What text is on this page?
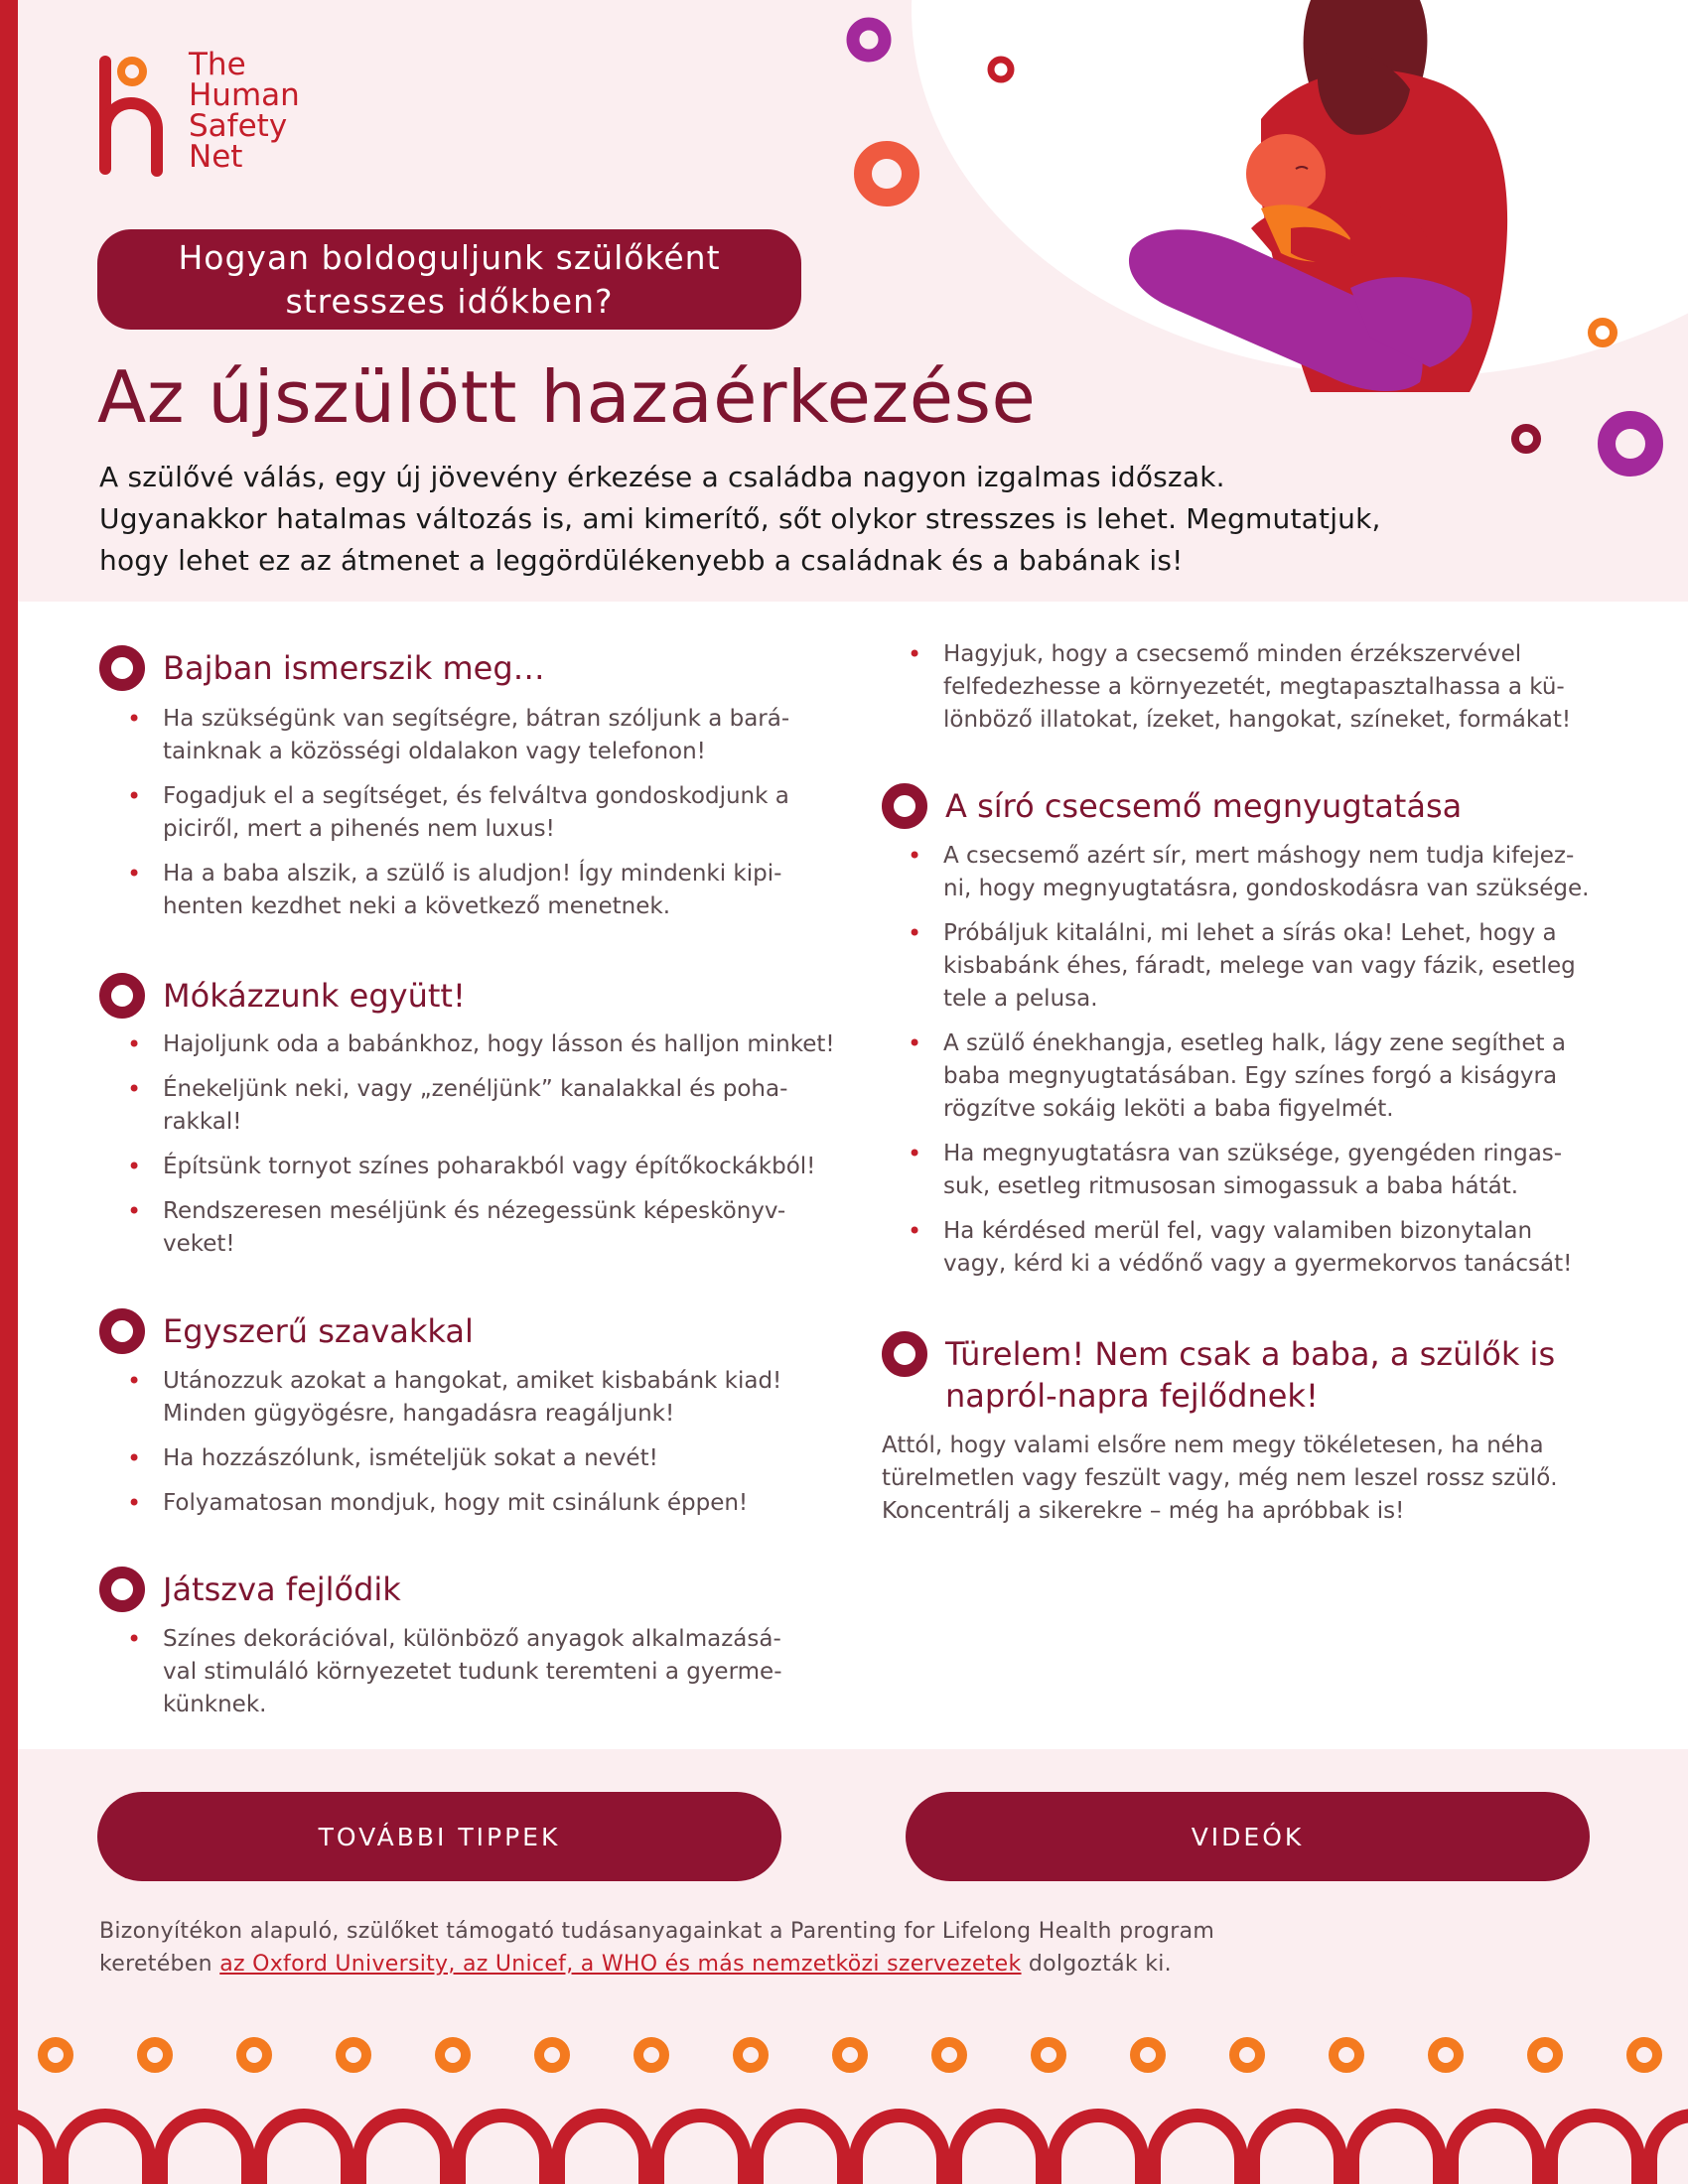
The
Human
Safety
Net
Hogyan boldoguljunk szülőként
stresszes időkben?
Az újszülött hazaérkezése
A szülővé válás, egy új jövevény érkezése a családba nagyon izgalmas időszak.
Ugyanakkor hatalmas változás is, ami kimerítő, sőt olykor stresszes is lehet. Megmutatjuk,
hogy lehet ez az átmenet a leggördülékenyebb a családnak és a babának is!
Bajban ismerszik meg…
• Ha szükségünk van segítségre, bátran szóljunk a bará-
tainknak a közösségi oldalakon vagy telefonon!
• Fogadjuk el a segítséget, és felváltva gondoskodjunk a
piciről, mert a pihenés nem luxus!
• Ha a baba alszik, a szülő is aludjon! Így mindenki kipi-
henten kezdhet neki a következő menetnek.
Mókázzunk együtt!
• Hajoljunk oda a babánkhoz, hogy lásson és halljon minket!
• Énekeljünk neki, vagy „zenéljünk” kanalakkal és poha-
rakkal!
• Építsünk tornyot színes poharakból vagy építőkockákból!
• Rendszeresen meséljünk és nézegessünk képeskönyv-
veket!
Egyszerű szavakkal
• Utánozzuk azokat a hangokat, amiket kisbabánk kiad!
Minden gügyögésre, hangadásra reagáljunk!
• Ha hozzászólunk, ismételjük sokat a nevét!
• Folyamatosan mondjuk, hogy mit csinálunk éppen!
Játszva fejlődik
• Színes dekorációval, különböző anyagok alkalmazásá-
val stimuláló környezetet tudunk teremteni a gyerme-
künknek.
• Hagyjuk, hogy a csecsemő minden érzékszervével
felfedezhesse a környezetét, megtapasztalhassa a kü-
lönböző illatokat, ízeket, hangokat, színeket, formákat!
A síró csecsemő megnyugtatása
• A csecsemő azért sír, mert máshogy nem tudja kifejez-
ni, hogy megnyugtatásra, gondoskodásra van szüksége.
• Próbáljuk kitalálni, mi lehet a sírás oka! Lehet, hogy a
kisbabánk éhes, fáradt, melege van vagy fázik, esetleg
tele a pelusa.
• A szülő énekhangja, esetleg halk, lágy zene segíthet a
baba megnyugtatásában. Egy színes forgó a kiságyra
rögzítve sokáig leköti a baba figyelmét.
• Ha megnyugtatásra van szüksége, gyengéden ringas-
suk, esetleg ritmusosan simogassuk a baba hátát.
• Ha kérdésed merül fel, vagy valamiben bizonytalan
vagy, kérd ki a védőnő vagy a gyermekorvos tanácsát!
Türelem! Nem csak a baba, a szülők is
napról-napra fejlődnek!
Attól, hogy valami elsőre nem megy tökéletesen, ha néha
türelmetlen vagy feszült vagy, még nem leszel rossz szülő.
Koncentrálj a sikerekre – még ha apróbbak is!
TOVÁBBI TIPPEK	VIDEÓK
Bizonyítékon alapuló, szülőket támogató tudásanyagainkat a Parenting for Lifelong Health program
keretében az Oxford University, az Unicef, a WHO és más nemzetközi szervezetek dolgozták ki.
